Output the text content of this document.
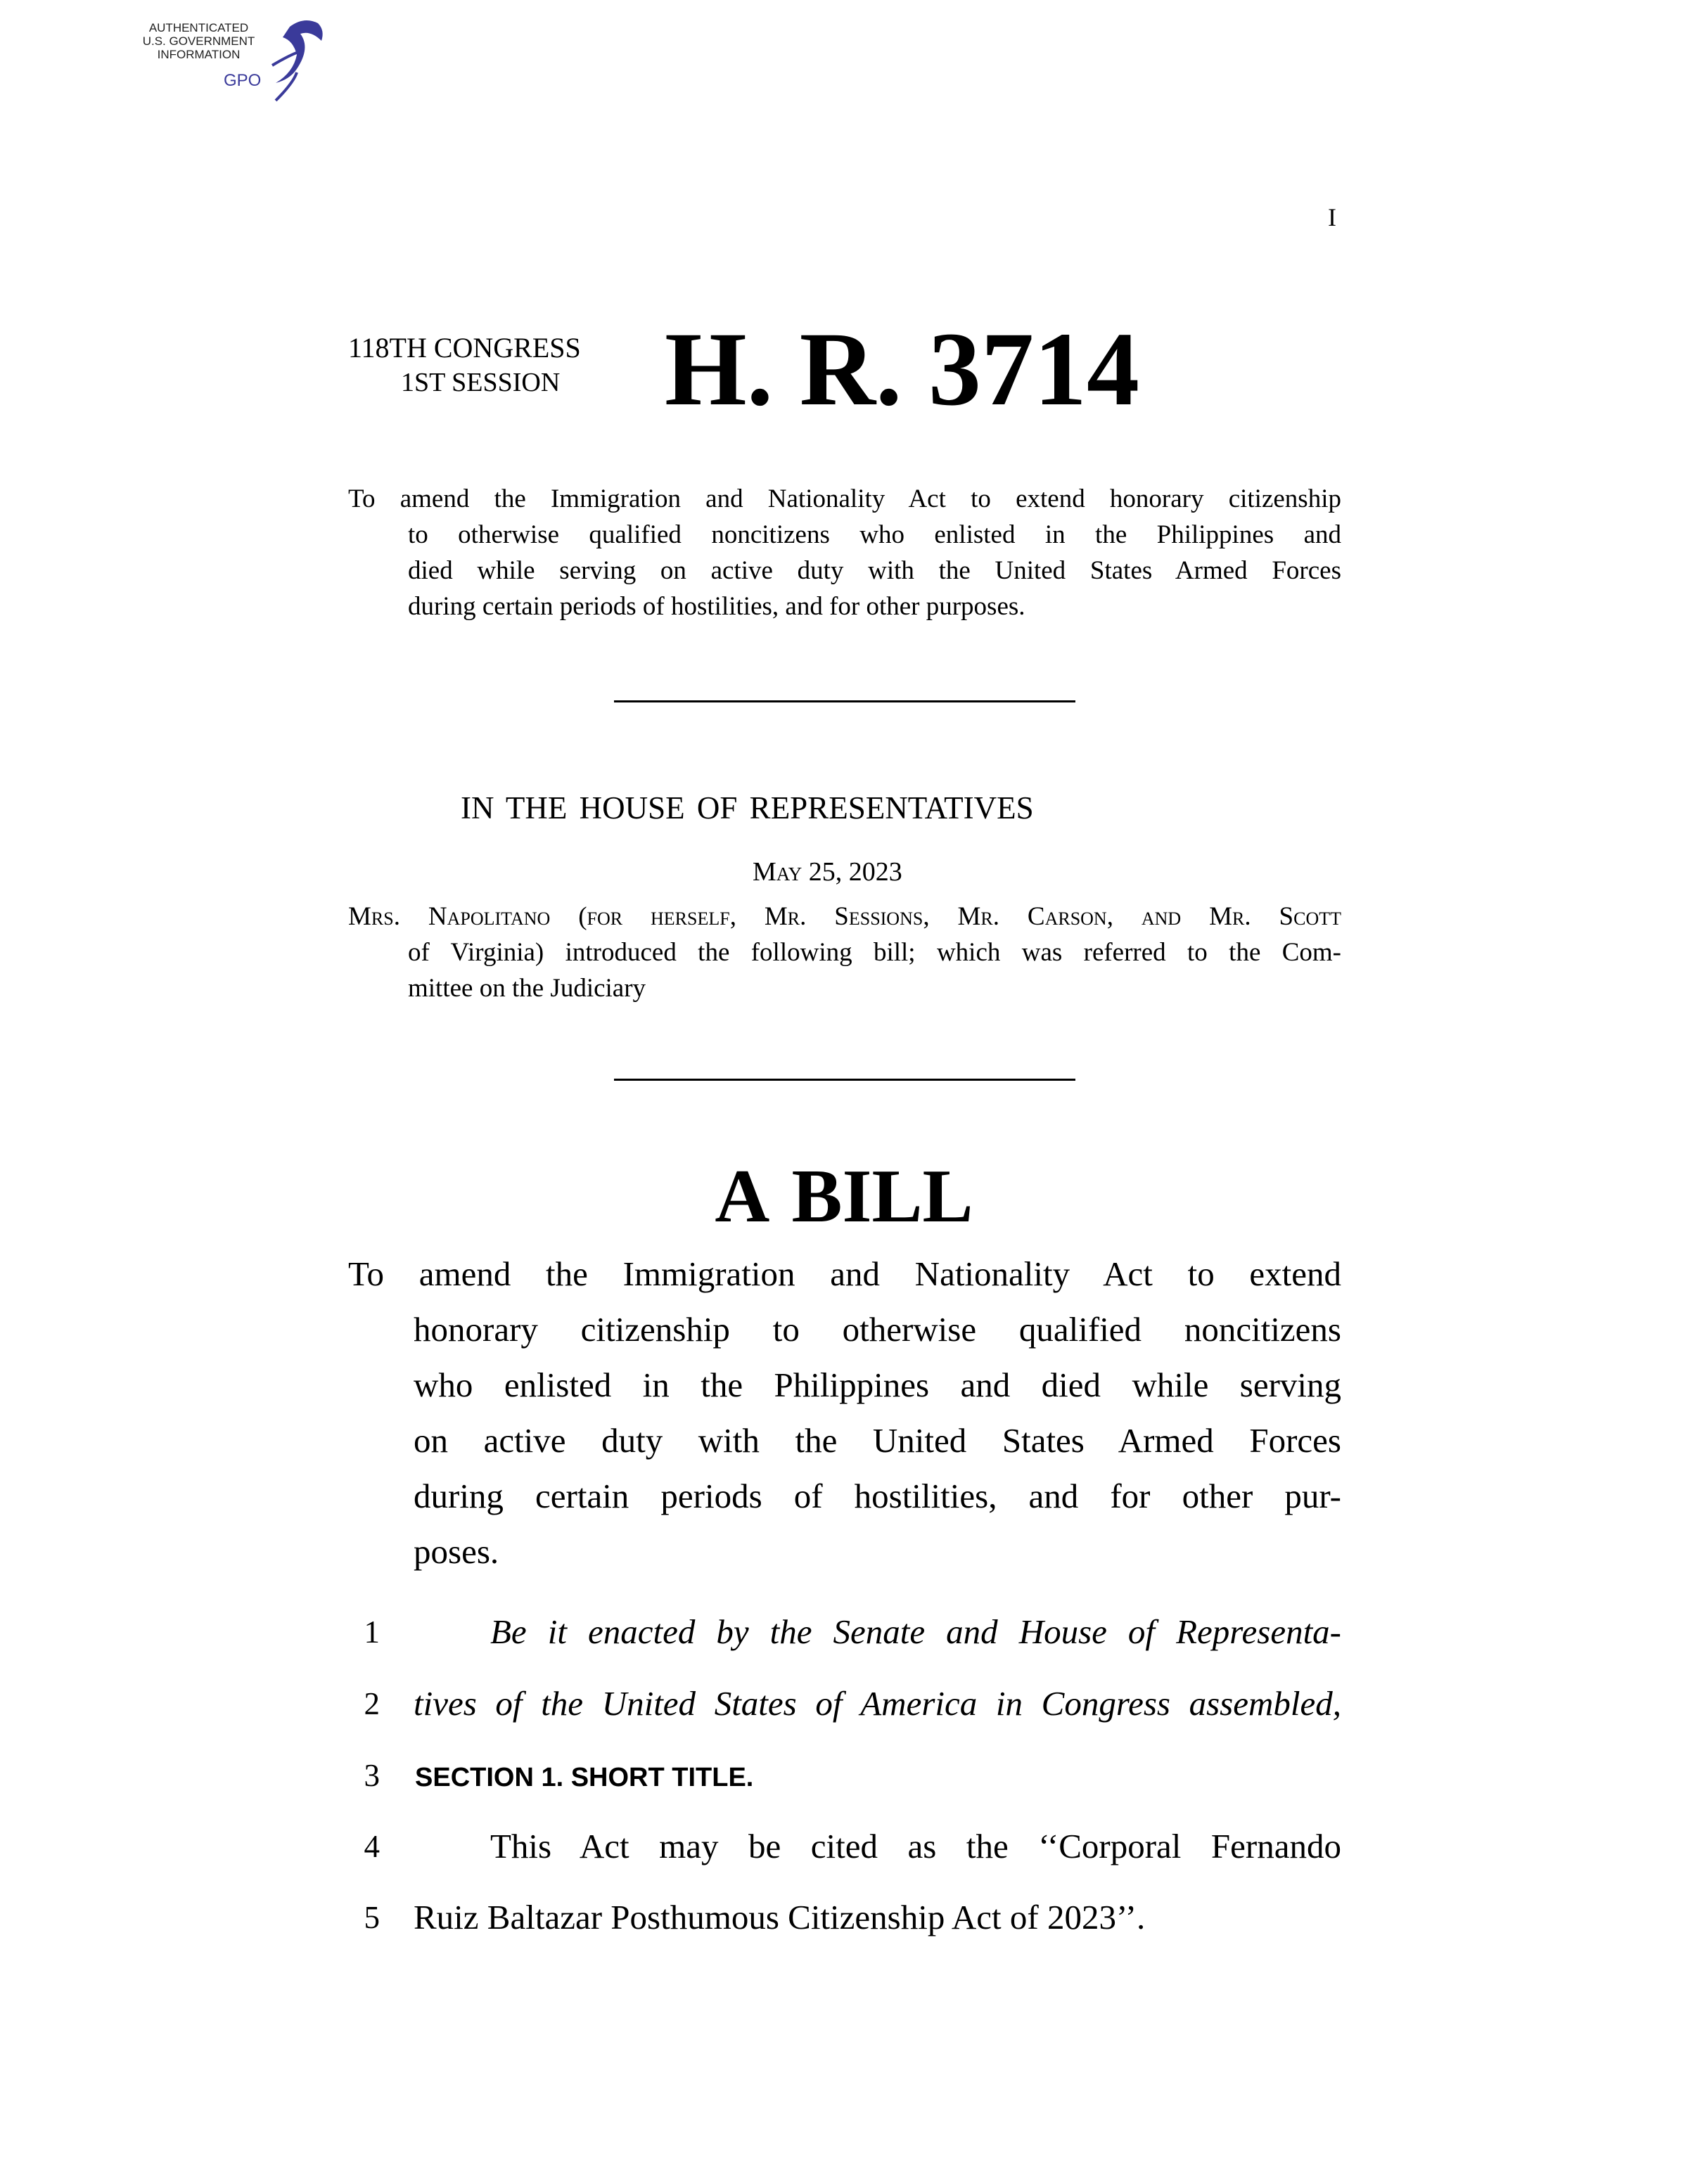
AUTHENTICATED
U.S. GOVERNMENT
INFORMATION
GPO
I
118TH CONGRESS
1ST SESSION H. R. 3714
To amend the Immigration and Nationality Act to extend honorary citizenship
to otherwise qualified noncitizens who enlisted in the Philippines and
died while serving on active duty with the United States Armed Forces
during certain periods of hostilities, and for other purposes.
IN THE HOUSE OF REPRESENTATIVES
May 25, 2023
Mrs. Napolitano (for herself, Mr. Sessions, Mr. Carson, and Mr. Scott
of Virginia) introduced the following bill; which was referred to the Com-
mittee on the Judiciary
A BILL
To amend the Immigration and Nationality Act to extend
honorary citizenship to otherwise qualified noncitizens
who enlisted in the Philippines and died while serving
on active duty with the United States Armed Forces
during certain periods of hostilities, and for other pur-
poses.
1	Be it enacted by the Senate and House of Representa-
2 tives of the United States of America in Congress assembled,
3 SECTION 1. SHORT TITLE.
4	This Act may be cited as the ‘‘Corporal Fernando
5 Ruiz Baltazar Posthumous Citizenship Act of 2023’’.
